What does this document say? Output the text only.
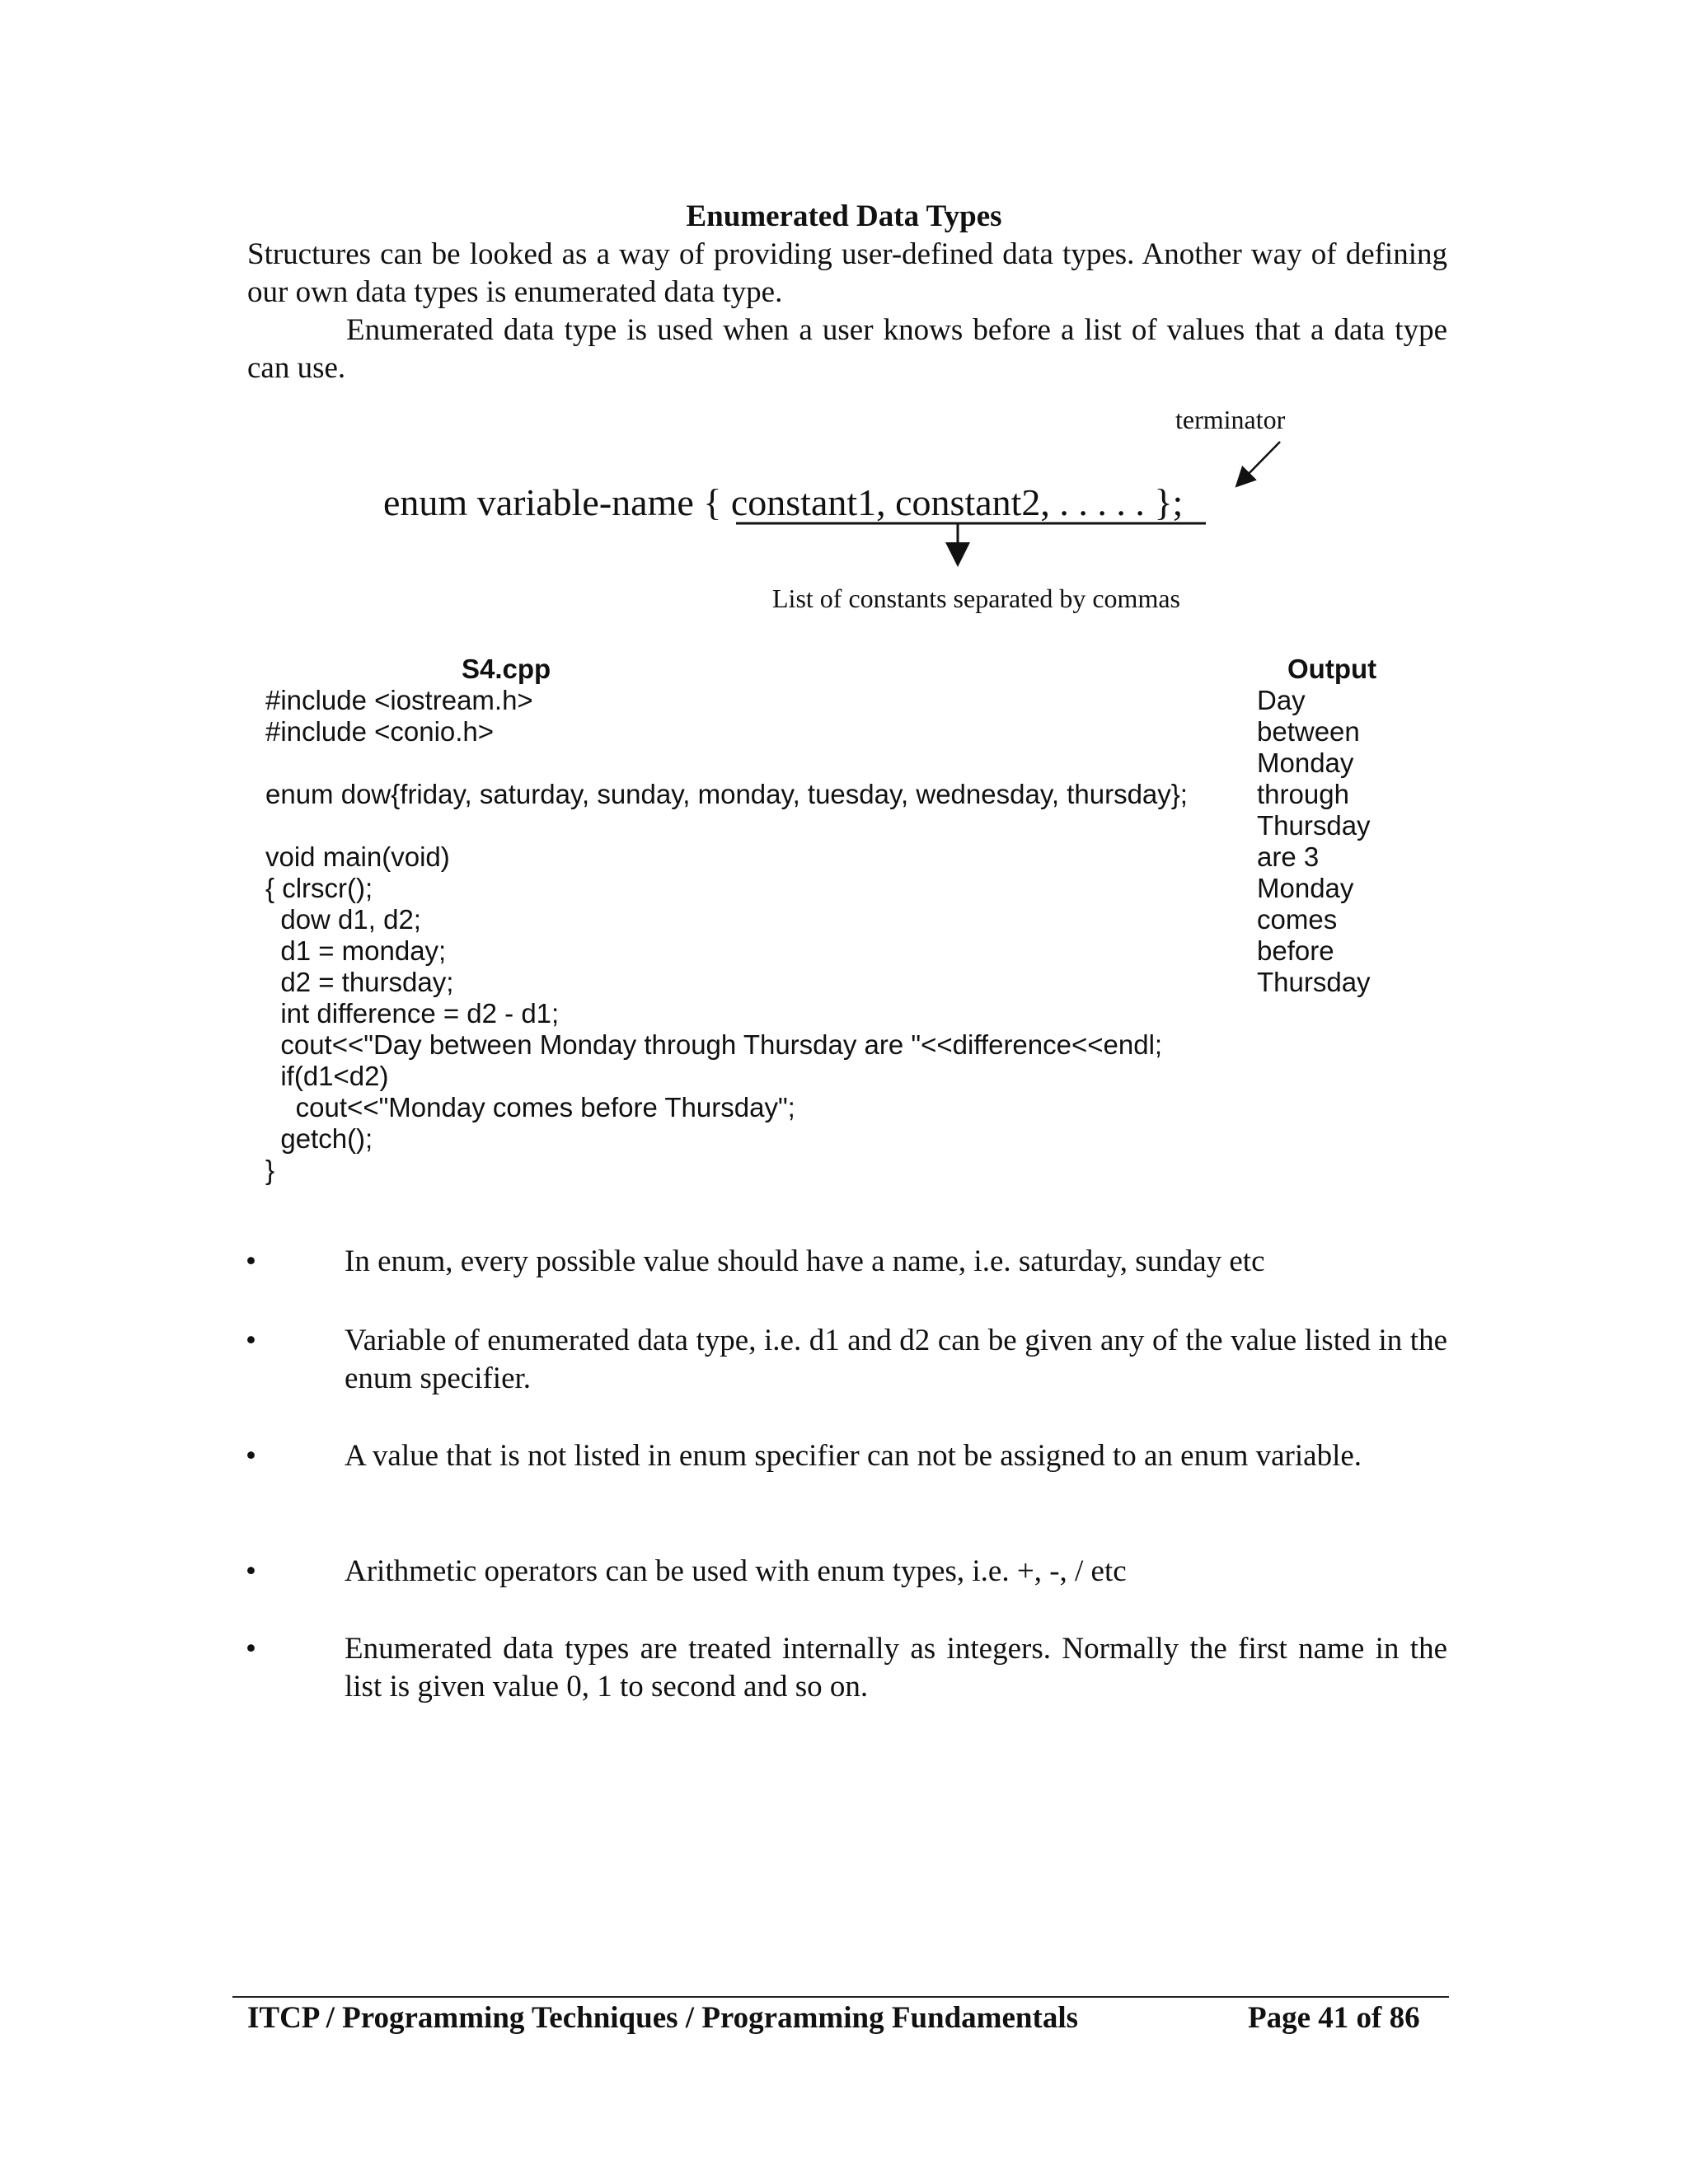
Enumerated Data Types
Structures can be looked as a way of providing user-defined data types. Another way of defining our own data types is enumerated data type.
Enumerated data type is used when a user knows before a list of values that a data type can use.
terminator
enum variable-name { constant1, constant2, . . . . . };
List of constants separated by commas
S4.cpp	Output
#include <iostream.h>
#include <conio.h>
enum dow{friday, saturday, sunday, monday, tuesday, wednesday, thursday};
void main(void)
{ clrscr();
dow d1, d2;
d1 = monday;
d2 = thursday;
int difference = d2 - d1;
cout<<"Day between Monday through Thursday are "<<difference<<endl;
if(d1<d2)
cout<<"Monday comes before Thursday";
getch();
}
Day
between
Monday
through
Thursday
are 3
Monday
comes
before
Thursday
•	In enum, every possible value should have a name, i.e. saturday, sunday etc
•	Variable of enumerated data type, i.e. d1 and d2 can be given any of the value listed in the enum specifier.
•	A value that is not listed in enum specifier can not be assigned to an enum variable.
•	Arithmetic operators can be used with enum types, i.e. +, -, / etc
•	Enumerated data types are treated internally as integers. Normally the first name in the list is given value 0, 1 to second and so on.
ITCP / Programming Techniques / Programming Fundamentals	Page 41 of 86
